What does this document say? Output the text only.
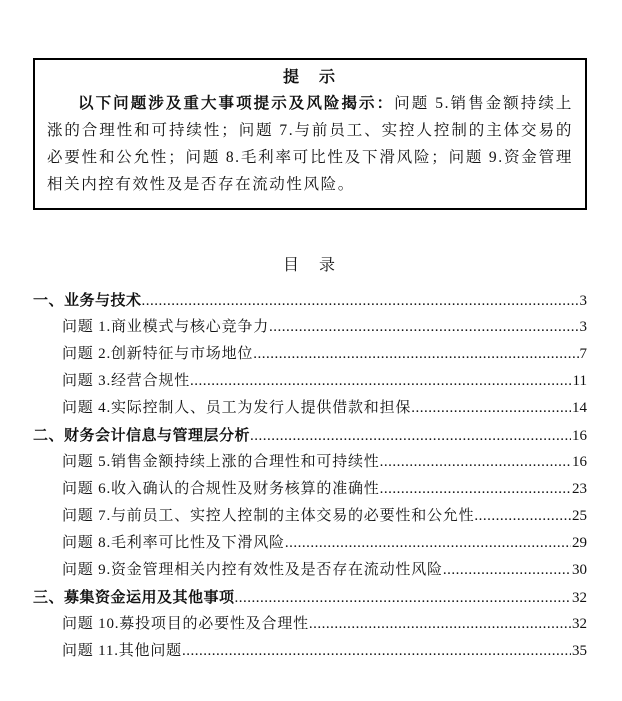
提 示

以下问题涉及重大事项提示及风险揭示：问题 5.销售金额持续上涨的合理性和可持续性；问题 7.与前员工、实控人控制的主体交易的必要性和公允性；问题 8.毛利率可比性及下滑风险；问题 9.资金管理相关内控有效性及是否存在流动性风险。

目 录
一、业务与技术 .....	3
问题 1.商业模式与核心竞争力 .....	3
问题 2.创新特征与市场地位 .....	7
问题 3.经营合规性 .....	11
问题 4.实际控制人、员工为发行人提供借款和担保 .....	14
二、财务会计信息与管理层分析 .....	16
问题 5.销售金额持续上涨的合理性和可持续性 .....	16
问题 6.收入确认的合规性及财务核算的准确性 .....	23
问题 7.与前员工、实控人控制的主体交易的必要性和公允性 .....	25
问题 8.毛利率可比性及下滑风险 .....	29
问题 9.资金管理相关内控有效性及是否存在流动性风险 .....	30
三、募集资金运用及其他事项 .....	32
问题 10.募投项目的必要性及合理性 .....	32
问题 11.其他问题 .....	35
